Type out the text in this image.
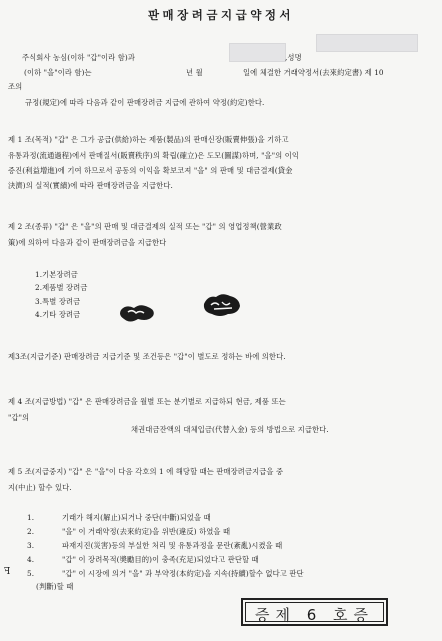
판매장려금지급약정서
주식회사 농심(이하 "갑"이라 함)과	,성명
(이하 "을"이라 함)는	년 월	일에 체결한 거래약정서(去來約定書) 제 10
조의
규정(規定)에 따라 다음과 같이 판매장려금 지급에 관하여 약정(約定)한다.
제 1 조(목적) "갑" 은 그가 공급(供給)하는 제품(製品)의 판매신장(販賣伸張)을 기하고
유통과정(流通過程)에서 판매질서(販賣秩序)의 확립(確立)은 도모(圖謀)하며, "을"의 이익
증진(利益增進)에 기여 하므로서 공동의 이익을 확보코져 "을" 의 판매 및 대금결제(貸金
決濟)의 실적(實績)에 따라 판매장려금을 지급한다.
제 2 조(종류) "갑" 은 "을"의 판매 및 대금결제의 실적 또는 "갑" 의 영업정책(營業政
策)에 의하여 다음과 같이 판매장려금을 지급한다
1.기본장려금
2.제품별 장려금
3.특별 장려금
4.기타 장려금
제3조(지급기준) 판매장려금 지급기준 및 조건등은 "갑"이 별도로 정하는 바에 의한다.
제 4 조(지급방법) "갑" 은 판매장려금을 월별 또는 분기별로 지급하되 현금, 제품 또는
"갑"의
채권대금잔액의 대체입금(代替入金) 등의 방법으로 지급한다.
제 5 조(지급중지) "갑" 은 "을"이 다음 각호의 1 에 해당할 때는 판매장려금지급을 중
지(中止) 할수 있다.
1.	기래가 해지(解止)되거나 중단(中斷)되었을 때
2.	"을" 이 거래약정(去來約定)을 위반(違反) 하였을 때
3.	파재지진(災害)등의 부실한 처리 및 유통과정을 문란(紊亂)시켰을 때
4.	"갑" 이 장려목적(奬勵目的)이 충족(充足)되었다고 판단할 때
5.	"갑" 이 시장에 의거 "을" 과 부약정(本約定)을 지속(持續)할수 없다고 판단
(判斷)할 때
ꟻ
증제 6 호증
